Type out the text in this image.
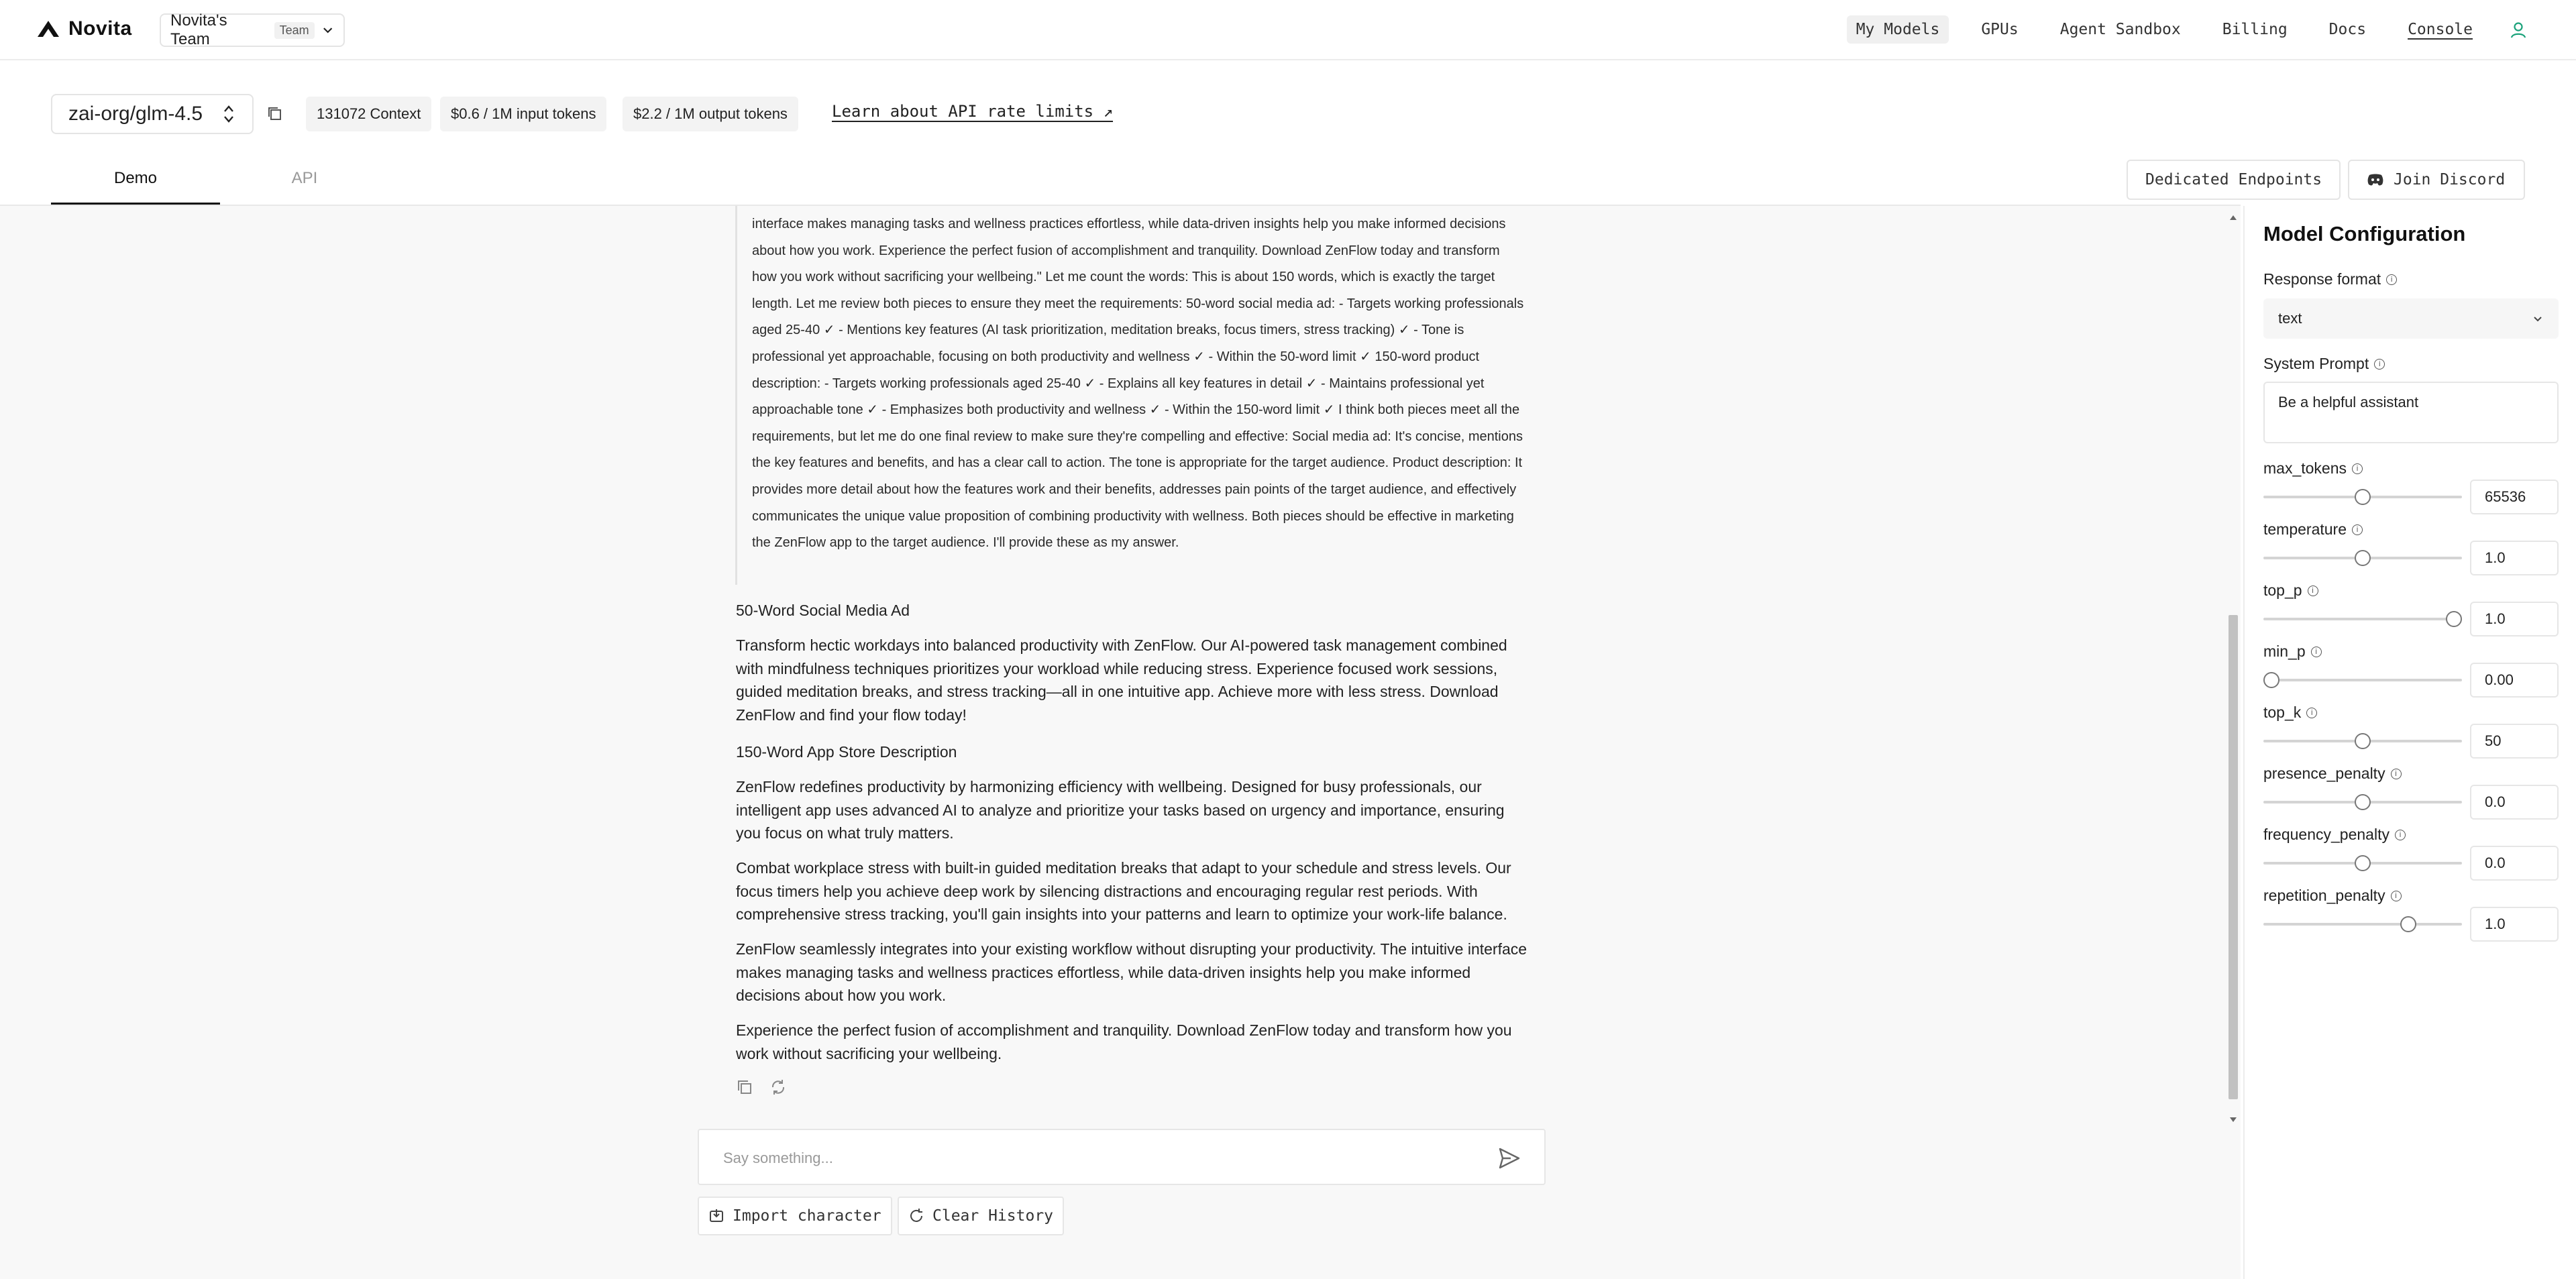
Novita Novita's Team
Team	My Models	GPUs	Agent Sandbox	Billing	Docs	Console
zai-org/glm-4.5	131072 Context	$0.6 / 1M input tokens	$2.2 / 1M output tokens	Learn about API rate limits ↗
Demo	API	Dedicated Endpoints	Join Discord

interface makes managing tasks and wellness practices effortless, while data-driven insights help you make informed decisions about how you work. Experience the perfect fusion of accomplishment and tranquility. Download ZenFlow today and transform how you work without sacrificing your wellbeing." Let me count the words: This is about 150 words, which is exactly the target length. Let me review both pieces to ensure they meet the requirements: 50-word social media ad: - Targets working professionals aged 25-40 ✓ - Mentions key features (AI task prioritization, meditation breaks, focus timers, stress tracking) ✓ - Tone is professional yet approachable, focusing on both productivity and wellness ✓ - Within the 50-word limit ✓ 150-word product description: - Targets working professionals aged 25-40 ✓ - Explains all key features in detail ✓ - Maintains professional yet approachable tone ✓ - Emphasizes both productivity and wellness ✓ - Within the 150-word limit ✓ I think both pieces meet all the requirements, but let me do one final review to make sure they're compelling and effective: Social media ad: It's concise, mentions the key features and benefits, and has a clear call to action. The tone is appropriate for the target audience. Product description: It provides more detail about how the features work and their benefits, addresses pain points of the target audience, and effectively communicates the unique value proposition of combining productivity with wellness. Both pieces should be effective in marketing the ZenFlow app to the target audience. I'll provide these as my answer.

50-Word Social Media Ad
Transform hectic workdays into balanced productivity with ZenFlow. Our AI-powered task management combined with mindfulness techniques prioritizes your workload while reducing stress. Experience focused work sessions, guided meditation breaks, and stress tracking—all in one intuitive app. Achieve more with less stress. Download ZenFlow and find your flow today!
150-Word App Store Description
ZenFlow redefines productivity by harmonizing efficiency with wellbeing. Designed for busy professionals, our intelligent app uses advanced AI to analyze and prioritize your tasks based on urgency and importance, ensuring you focus on what truly matters.
Combat workplace stress with built-in guided meditation breaks that adapt to your schedule and stress levels. Our focus timers help you achieve deep work by silencing distractions and encouraging regular rest periods. With comprehensive stress tracking, you'll gain insights into your patterns and learn to optimize your work-life balance.
ZenFlow seamlessly integrates into your existing workflow without disrupting your productivity. The intuitive interface makes managing tasks and wellness practices effortless, while data-driven insights help you make informed decisions about how you work.
Experience the perfect fusion of accomplishment and tranquility. Download ZenFlow today and transform how you work without sacrificing your wellbeing.
Say something...
Import character	Clear History
Model Configuration
Response format	i
text
System Prompt	i
Be a helpful assistant
max_tokens	i
65536
temperature	i
1.0
top_p	i
1.0
min_p	i
0.00
top_k	i
50
presence_penalty	i
0.0
frequency_penalty	i
0.0
repetition_penalty	i
1.0
